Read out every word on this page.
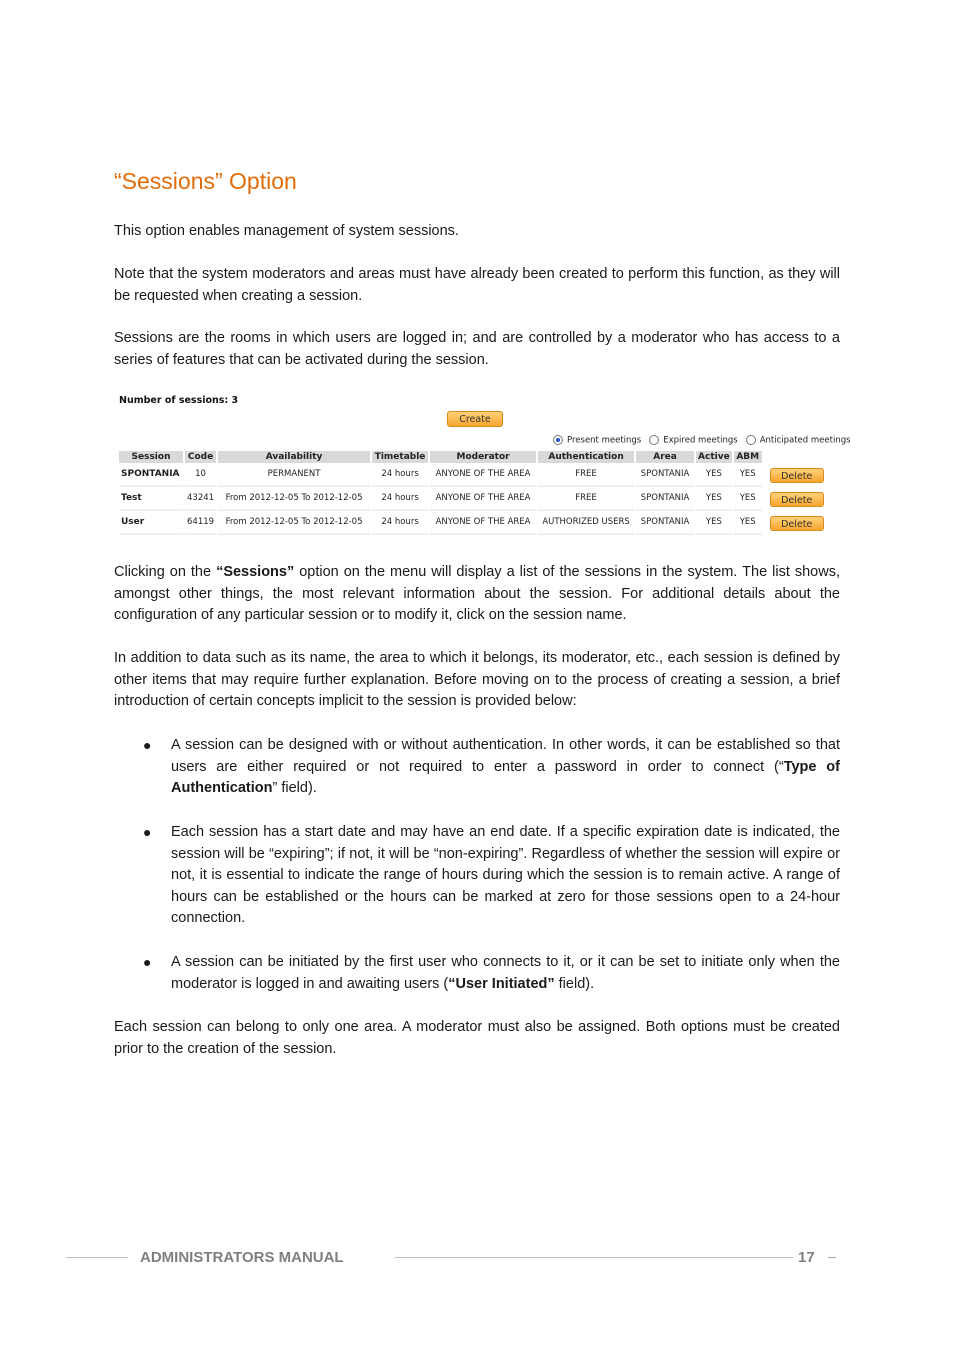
“Sessions” Option

This option enables management of system sessions.

Note that the system moderators and areas must have already been created to perform this function, as they will be requested when creating a session.

Sessions are the rooms in which users are logged in; and are controlled by a moderator who has access to a series of features that can be activated during the session.

Number of sessions: 3
Create
Present meetings	Expired meetings	Anticipated meetings
Session	Code	Availability	Timetable	Moderator	Authentication	Area	Active	ABM	
SPONTANIA	10	PERMANENT	24 hours	ANYONE OF THE AREA	FREE	SPONTANIA	YES	YES	Delete
Test	43241	From 2012-12-05 To 2012-12-05	24 hours	ANYONE OF THE AREA	FREE	SPONTANIA	YES	YES	Delete
User	64119	From 2012-12-05 To 2012-12-05	24 hours	ANYONE OF THE AREA	AUTHORIZED USERS	SPONTANIA	YES	YES	Delete

Clicking on the “Sessions” option on the menu will display a list of the sessions in the system. The list shows, amongst other things, the most relevant information about the session. For additional details about the configuration of any particular session or to modify it, click on the session name.

In addition to data such as its name, the area to which it belongs, its moderator, etc., each session is defined by other items that may require further explanation. Before moving on to the process of creating a session, a brief introduction of certain concepts implicit to the session is provided below:

● A session can be designed with or without authentication. In other words, it can be established so that users are either required or not required to enter a password in order to connect (“Type of Authentication” field).
● Each session has a start date and may have an end date. If a specific expiration date is indicated, the session will be “expiring”; if not, it will be “non-expiring”. Regardless of whether the session will expire or not, it is essential to indicate the range of hours during which the session is to remain active. A range of hours can be established or the hours can be marked at zero for those sessions open to a 24-hour connection.
● A session can be initiated by the first user who connects to it, or it can be set to initiate only when the moderator is logged in and awaiting users (“User Initiated” field).

Each session can belong to only one area. A moderator must also be assigned. Both options must be created prior to the creation of the session.

ADMINISTRATORS MANUAL	17 –
